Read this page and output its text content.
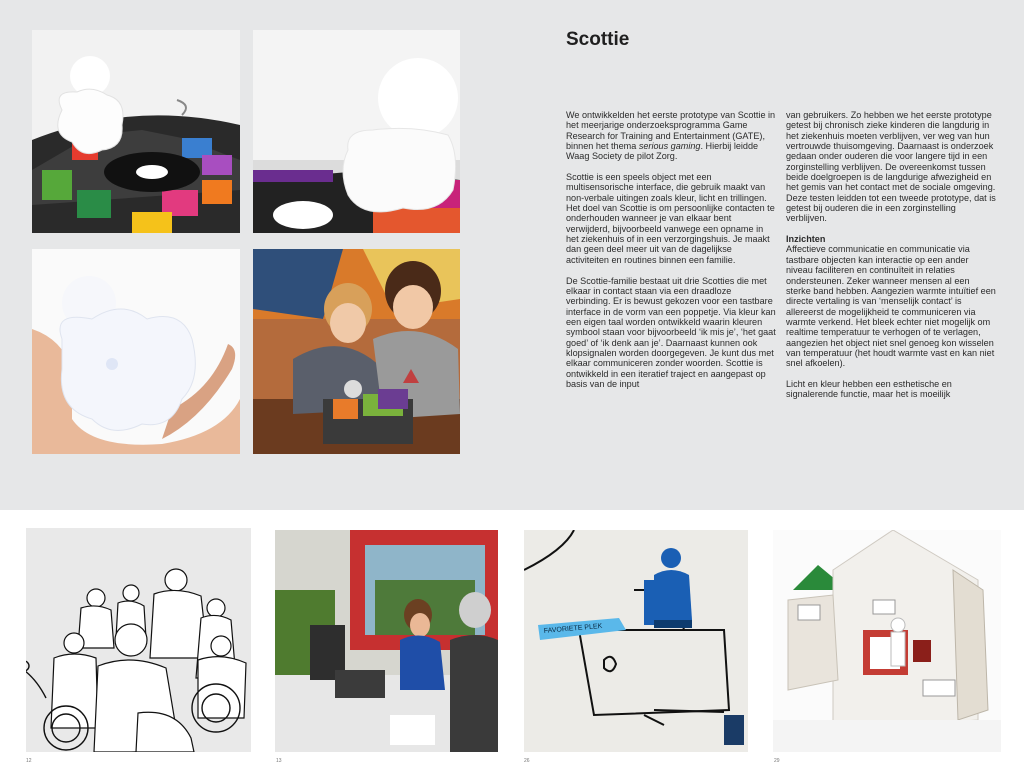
Scottie

We ontwikkelden het eerste prototype van Scottie in het meerjarige onderzoeksprogramma Game Research for Training and Entertainment (GATE), binnen het thema serious gaming. Hierbij leidde Waag Society de pilot Zorg.

Scottie is een speels object met een multisensorische interface, die gebruik maakt van non-verbale uitingen zoals kleur, licht en trillingen. Het doel van Scottie is om persoonlijke contacten te onderhouden wanneer je van elkaar bent verwijderd, bijvoorbeeld vanwege een opname in het ziekenhuis of in een verzorgingshuis. Je maakt dan geen deel meer uit van de dagelijkse activiteiten en routines binnen een familie.

De Scottie-familie bestaat uit drie Scotties die met elkaar in contact staan via een draadloze verbinding. Er is bewust gekozen voor een tastbare interface in de vorm van een poppetje. Via kleur kan een eigen taal worden ontwikkeld waarin kleuren symbool staan voor bijvoorbeeld ‘ik mis je’, ‘het gaat goed’ of ‘ik denk aan je’. Daarnaast kunnen ook klopsignalen worden doorgegeven. Je kunt dus met elkaar communiceren zonder woorden. Scottie is ontwikkeld in een iteratief traject en aangepast op basis van de input

van gebruikers. Zo hebben we het eerste prototype getest bij chronisch zieke kinderen die langdurig in het ziekenhuis moeten verblijven, ver weg van hun vertrouwde thuisomgeving. Daarnaast is onderzoek gedaan onder ouderen die voor langere tijd in een zorginstelling verblijven. De overeenkomst tussen beide doelgroepen is de langdurige afwezigheid en het gemis van het contact met de sociale omgeving. Deze testen leidden tot een tweede prototype, dat is getest bij ouderen die in een zorginstelling verblijven.

Inzichten

Affectieve communicatie en communicatie via tastbare objecten kan interactie op een ander niveau faciliteren en continuïteit in relaties ondersteunen. Zeker wanneer mensen al een sterke band hebben. Aangezien warmte intuïtief een directe vertaling is van ‘menselijk contact’ is allereerst de mogelijkheid te communiceren via warmte verkend. Het bleek echter niet mogelijk om realtime temperatuur te verhogen of te verlagen, aangezien het object niet snel genoeg kon wisselen van temperatuur (het houdt warmte vast en kan niet snel afkoelen).

Licht en kleur hebben een esthetische en signalerende functie, maar het is moeilijk

FAVORIETE PLEK
12	13	26	29
